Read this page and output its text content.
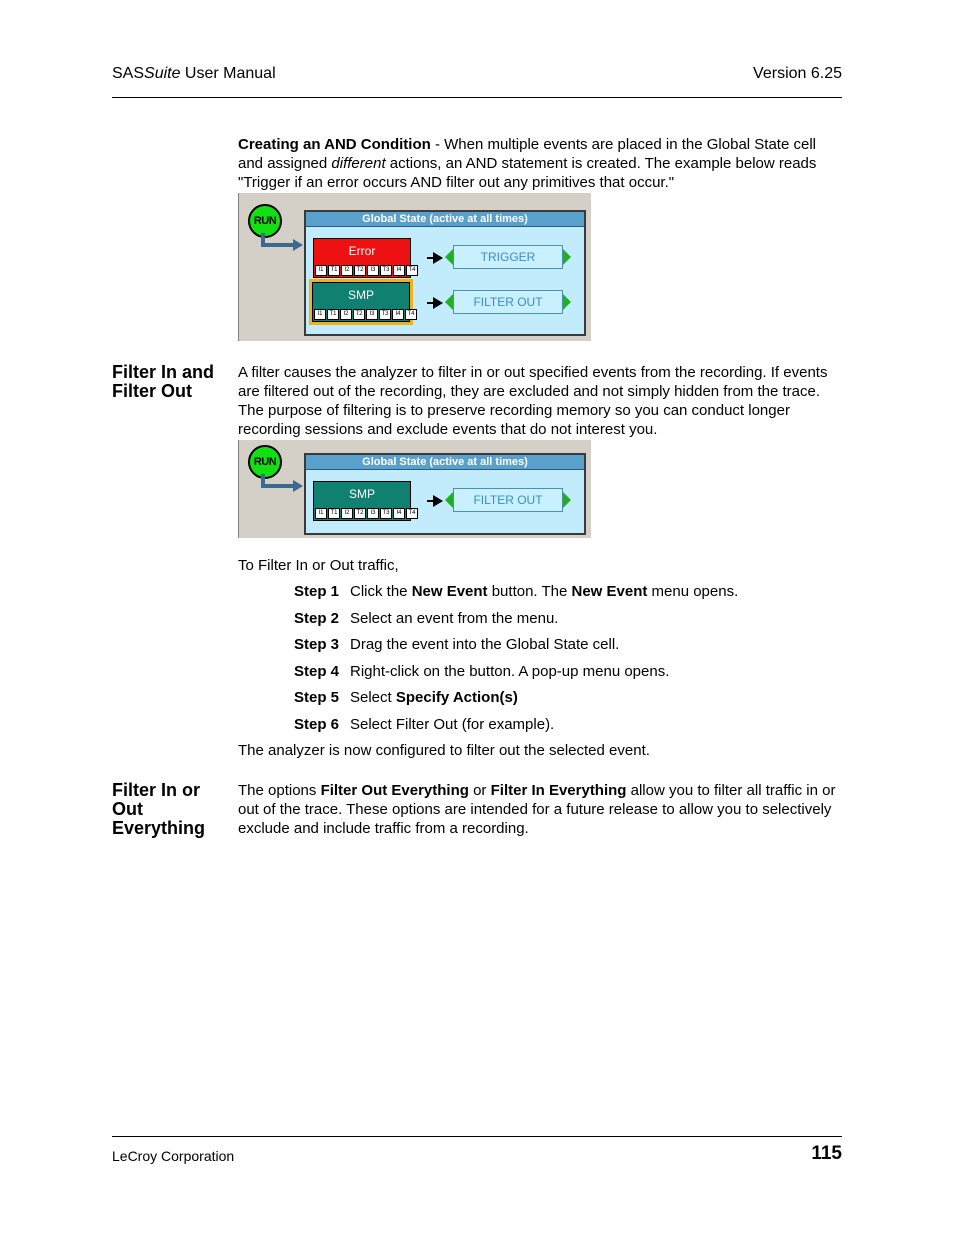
SASSuite User Manual	Version 6.25
Creating an AND Condition - When multiple events are placed in the Global State cell and assigned different actions, an AND statement is created. The example below reads "Trigger if an error occurs AND filter out any primitives that occur."
RUN	Global State (active at all times)
Error
I1	T1	I2	T2	I3	T3	I4	T4
TRIGGER
SMP
I1	T1	I2	T2	I3	T3	I4	T4
FILTER OUT
Filter In and Filter Out
A filter causes the analyzer to filter in or out specified events from the recording. If events are filtered out of the recording, they are excluded and not simply hidden from the trace. The purpose of filtering is to preserve recording memory so you can conduct longer recording sessions and exclude events that do not interest you.
RUN	Global State (active at all times)
SMP
I1	T1	I2	T2	I3	T3	I4	T4
FILTER OUT
To Filter In or Out traffic,
Step 1 Click the New Event button. The New Event menu opens.
Step 2 Select an event from the menu.
Step 3 Drag the event into the Global State cell.
Step 4 Right-click on the button. A pop-up menu opens.
Step 5 Select Specify Action(s)
Step 6 Select Filter Out (for example).
The analyzer is now configured to filter out the selected event.
Filter In or Out Everything
The options Filter Out Everything or Filter In Everything allow you to filter all traffic in or out of the trace. These options are intended for a future release to allow you to selectively exclude and include traffic from a recording.
LeCroy Corporation	115
